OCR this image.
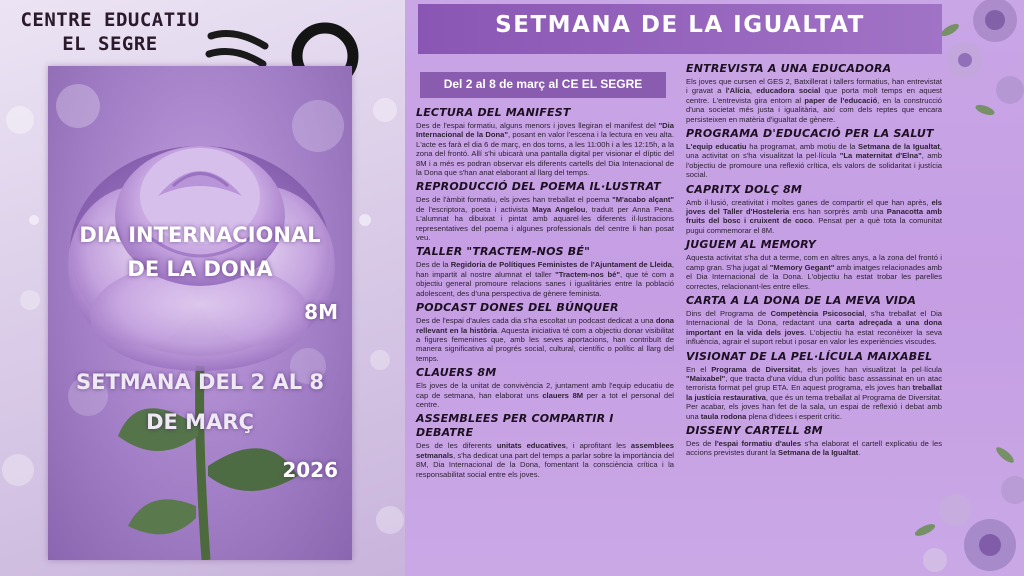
CENTRE EDUCATIU
EL SEGRE
DIA INTERNACIONAL
DE LA DONA
8M
SETMANA DEL 2 AL 8
DE MARÇ
2026
SETMANA DE LA IGUALTAT
Del 2 al 8 de març al CE EL SEGRE
LECTURA DEL MANIFEST
Des de l'espai formatiu, alguns menors i joves llegiran el manifest del "Dia Internacional de la Dona", posant en valor l'escena i la lectura en veu alta. L'acte es farà el dia 6 de març, en dos torns, a les 11:00h i a les 12:15h, a la zona del frontó. Allí s'hi ubicarà una pantalla digital per visionar el díptic del 8M i a més es podran observar els diferents cartells del Dia Intenacional de la Dona que s'han anat elaborant al llarg del temps.
REPRODUCCIÓ DEL POEMA IL·LUSTRAT
Des de l'àmbit formatiu, els joves han treballat el poema "M'acabo alçant" de l'escriptora, poeta i activista Maya Angelou, traduït per Anna Pena. L'alumnat ha dibuixat i pintat amb aquarel·les diferents il·lustracions representatives del poema i algunes professionals del centre li han posat veu.
TALLER "TRACTEM-NOS BÉ"
Des de la Regidoria de Polítiques Feministes de l'Ajuntament de Lleida, han impartit al nostre alumnat el taller "Tractem-nos bé", que té com a objectiu general promoure relacions sanes i igualitàries entre la població adolescent, des d'una perspectiva de gènere feminista.
PODCAST DONES DEL BÚNQUER
Des de l'espai d'aules cada dia s'ha escoltat un podcast dedicat a una dona rellevant en la història. Aquesta iniciativa té com a objectiu donar visibilitat a figures femenines que, amb les seves aportacions, han contribuït de manera significativa al progrés social, cultural, científic o polític al llarg del temps.
CLAUERS 8M
Els joves de la unitat de convivència 2, juntament amb l'equip educatiu de cap de setmana, han elaborat uns clauers 8M per a tot el personal del centre.
ASSEMBLEES PER COMPARTIR I DEBATRE
Des de les diferents unitats educatives, i aprofitant les assemblees setmanals, s'ha dedicat una part del temps a parlar sobre la importància del 8M, Dia Internacional de la Dona, fomentant la consciència crítica i la responsabilitat social entre els joves.
ENTREVISTA A UNA EDUCADORA
Els joves que cursen el GES 2, Batxillerat i tallers formatius, han entrevistat i gravat a l'Alícia, educadora social que porta molt temps en aquest centre. L'entrevista gira entorn al paper de l'educació, en la construcció d'una societat més justa i igualitària, així com dels reptes que encara persisteixen en matèria d'igualtat de gènere.
PROGRAMA D'EDUCACIÓ PER LA SALUT
L'equip educatiu ha programat, amb motiu de la Setmana de la Igualtat, una activitat on s'ha visualitzat la pel·lícula "La maternitat d'Elna", amb l'objectiu de promoure una reflexió crítica, els valors de solidaritat i justícia social.
CAPRITX DOLÇ 8M
Amb il·lusió, creativitat i moltes ganes de compartir el que han après, els joves del Taller d'Hosteleria ens han sorprès amb una Panacotta amb fruits del bosc i cruixent de coco. Pensat per a què tota la comunitat pugui commemorar el 8M.
JUGUEM AL MEMORY
Aquesta activitat s'ha dut a terme, com en altres anys, a la zona del frontó i camp gran. S'ha jugat al "Memory Gegant" amb imatges relacionades amb el Dia Internacional de la Dona. L'objectiu ha estat trobar les parelles correctes, relacionant-les entre elles.
CARTA A LA DONA DE LA MEVA VIDA
Dins del Programa de Competència Psicosocial, s'ha treballat el Dia Internacional de la Dona, redactant una carta adreçada a una dona important en la vida dels joves. L'objectiu ha estat reconèixer la seva influència, agrair el suport rebut i posar en valor les experiències viscudes.
VISIONAT DE LA PEL·LÍCULA MAIXABEL
En el Programa de Diversitat, els joves han visualitzat la pel·lícula "Maixabel", que tracta d'una vídua d'un polític basc assassinat en un atac terrorista format pel grup ETA. En aquest programa, els joves han treballat la justícia restaurativa, que és un tema treballat al Programa de Diversitat. Per acabar, els joves han fet de la sala, un espai de reflexió i debat amb una taula rodona plena d'idees i esperit crític.
DISSENY CARTELL 8M
Des de l'espai formatiu d'aules s'ha elaborat el cartell explicatiu de les accions previstes durant la Setmana de la Igualtat.
